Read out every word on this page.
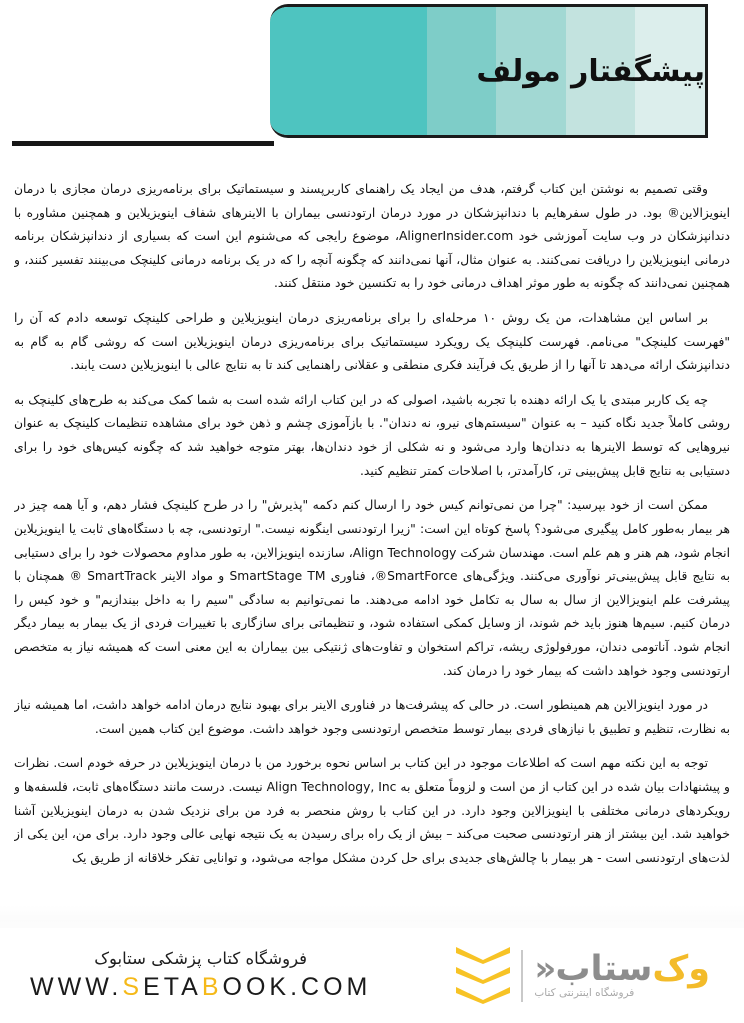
پیشگفتار مولف

وقتی تصمیم به نوشتن این کتاب گرفتم، هدف من ایجاد یک راهنمای کاربرپسند و سیستماتیک برای برنامه‌ریزی درمان مجازی با درمان اینویزالاین® بود. در طول سفرهایم با دندانپزشکان در مورد درمان ارتودنسی بیماران با الاینرهای شفاف اینویزیلاین و همچنین مشاوره با دندانپزشکان در وب سایت آموزشی خود AlignerInsider.com، موضوع رایجی که می‌شنوم این است که بسیاری از دندانپزشکان برنامه درمانی اینویزیلاین را دریافت نمی‌کنند. به عنوان مثال، آنها نمی‌دانند که چگونه آنچه را که در یک برنامه درمانی کلینچک می‌بینند تفسیر کنند، و همچنین نمی‌دانند که چگونه به طور موثر اهداف درمانی خود را به تکنسین خود منتقل کنند.

بر اساس این مشاهدات، من یک روش ۱۰ مرحله‌ای را برای برنامه‌ریزی درمان اینویزیلاین و طراحی کلینچک توسعه دادم که آن را "فهرست کلینچک" می‌نامم. فهرست کلینچک یک رویکرد سیستماتیک برای برنامه‌ریزی درمان اینویزیلاین است که روشی گام به گام به دندانپزشک ارائه می‌دهد تا آنها را از طریق یک فرآیند فکری منطقی و عقلانی راهنمایی کند تا به نتایج عالی با اینویزیلاین دست یابند.

چه یک کاربر مبتدی یا یک ارائه دهنده با تجربه باشید، اصولی که در این کتاب ارائه شده است به شما کمک می‌کند به طرح‌های کلینچک به روشی کاملاً جدید نگاه کنید – به عنوان "سیستم‌های نیرو، نه دندان". با بازآموزی چشم و ذهن خود برای مشاهده تنظیمات کلینچک به عنوان نیروهایی که توسط الاینرها به دندان‌ها وارد می‌شود و نه شکلی از خود دندان‌ها، بهتر متوجه خواهید شد که چگونه کیس‌های خود را برای دستیابی به نتایج قابل پیش‌بینی تر، کارآمدتر، با اصلاحات کمتر تنظیم کنید.

ممکن است از خود بپرسید: "چرا من نمی‌توانم کیس خود را ارسال کنم دکمه "پذیرش" را در طرح کلینچک فشار دهم، و آیا همه چیز در هر بیمار به‌طور کامل پیگیری می‌شود؟ پاسخ کوتاه این است: "زیرا ارتودنسی اینگونه نیست." ارتودنسی، چه با دستگاه‌های ثابت یا اینویزیلاین انجام شود، هم هنر و هم علم است. مهندسان شرکت Align Technology، سازنده اینویزالاین، به طور مداوم محصولات خود را برای دستیابی به نتایج قابل پیش‌بینی‌تر نوآوری می‌کنند. ویژگی‌های SmartForce®، فناوری SmartStage TM و مواد الاینر SmartTrack ® همچنان با پیشرفت علم اینویزالاین از سال به سال به تکامل خود ادامه می‌دهند. ما نمی‌توانیم به سادگی "سیم را به داخل بیندازیم" و خود کیس را درمان کنیم. سیم‌ها هنوز باید خم شوند، از وسایل کمکی استفاده شود، و تنظیماتی برای سازگاری با تغییرات فردی از یک بیمار به بیمار دیگر انجام شود. آناتومی دندان، مورفولوژی ریشه، تراکم استخوان و تفاوت‌های ژنتیکی بین بیماران به این معنی است که همیشه نیاز به متخصص ارتودنسی وجود خواهد داشت که بیمار خود را درمان کند.

در مورد اینویزالاین هم همینطور است. در حالی که پیشرفت‌ها در فناوری الاینر برای بهبود نتایج درمان ادامه خواهد داشت، اما همیشه نیاز به نظارت، تنظیم و تطبیق با نیازهای فردی بیمار توسط متخصص ارتودنسی وجود خواهد داشت. موضوع این کتاب همین است.

توجه به این نکته مهم است که اطلاعات موجود در این کتاب بر اساس نحوه برخورد من با درمان اینویزیلاین در حرفه خودم است. نظرات و پیشنهادات بیان شده در این کتاب از من است و لزوماً متعلق به Align Technology, Inc نیست. درست مانند دستگاه‌های ثابت، فلسفه‌ها و رویکردهای درمانی مختلفی با اینویزالاین وجود دارد. در این کتاب با روش منحصر به فرد من برای نزدیک شدن به درمان اینویزیلاین آشنا خواهید شد. این بیشتر از هنر ارتودنسی صحبت می‌کند – بیش از یک راه برای رسیدن به یک نتیجه نهایی عالی وجود دارد. برای من، این یکی از لذت‌های ارتودنسی است - هر بیمار با چالش‌های جدیدی برای حل کردن مشکل مواجه می‌شود، و توانایی تفکر خلاقانه از طریق یک

فروشگاه کتاب پزشکی ستابوک
WWW.SETABOOK.COM	وک
ستاب
«
فروشگاه اینترنتی کتاب
